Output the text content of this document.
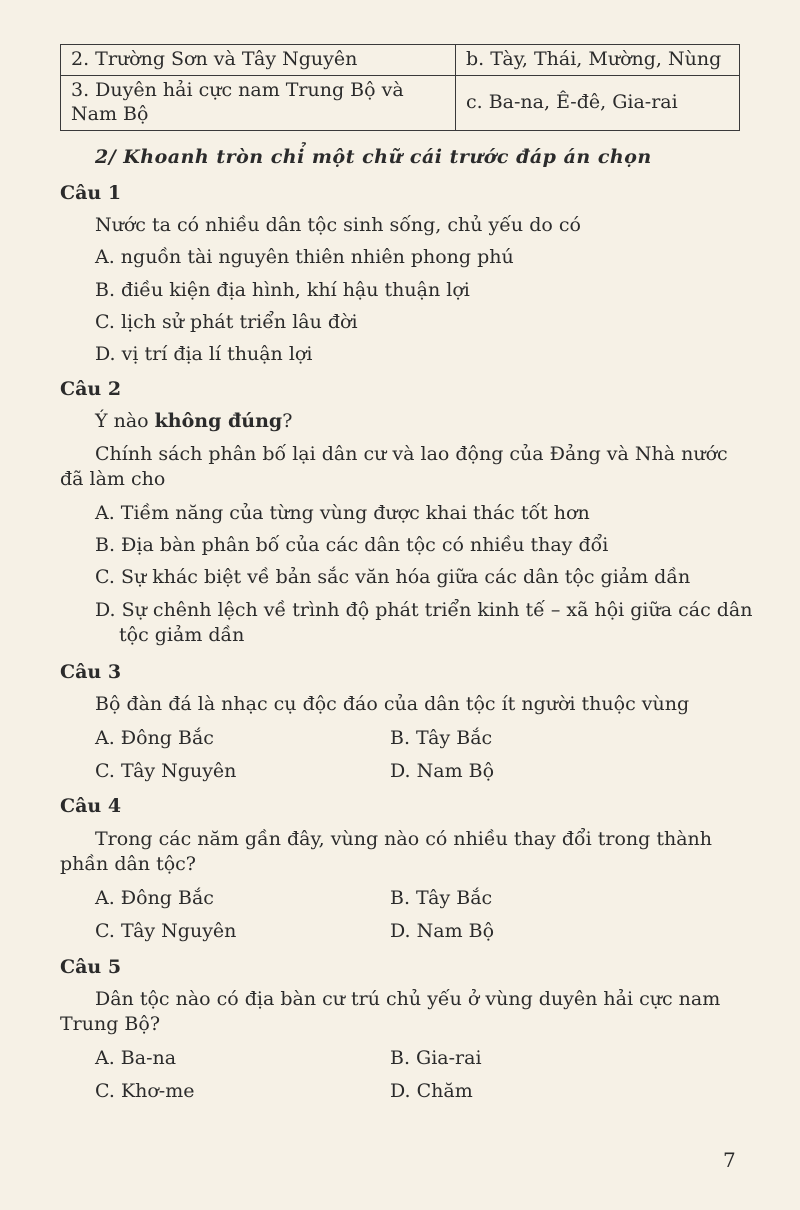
2. Trường Sơn và Tây Nguyên	b. Tày, Thái, Mường, Nùng
3. Duyên hải cực nam Trung Bộ và Nam Bộ	c. Ba-na, Ê-đê, Gia-rai
2/ Khoanh tròn chỉ một chữ cái trước đáp án chọn
Câu 1
Nước ta có nhiều dân tộc sinh sống, chủ yếu do có
A. nguồn tài nguyên thiên nhiên phong phú
B. điều kiện địa hình, khí hậu thuận lợi
C. lịch sử phát triển lâu đời
D. vị trí địa lí thuận lợi
Câu 2
Ý nào không đúng?
Chính sách phân bố lại dân cư và lao động của Đảng và Nhà nước đã làm cho
A. Tiềm năng của từng vùng được khai thác tốt hơn
B. Địa bàn phân bố của các dân tộc có nhiều thay đổi
C. Sự khác biệt về bản sắc văn hóa giữa các dân tộc giảm dần
D. Sự chênh lệch về trình độ phát triển kinh tế – xã hội giữa các dân tộc giảm dần
Câu 3
Bộ đàn đá là nhạc cụ độc đáo của dân tộc ít người thuộc vùng
A. Đông Bắc	B. Tây Bắc
C. Tây Nguyên	D. Nam Bộ
Câu 4
Trong các năm gần đây, vùng nào có nhiều thay đổi trong thành phần dân tộc?
A. Đông Bắc	B. Tây Bắc
C. Tây Nguyên	D. Nam Bộ
Câu 5
Dân tộc nào có địa bàn cư trú chủ yếu ở vùng duyên hải cực nam Trung Bộ?
A. Ba-na	B. Gia-rai
C. Khơ-me	D. Chăm
7
